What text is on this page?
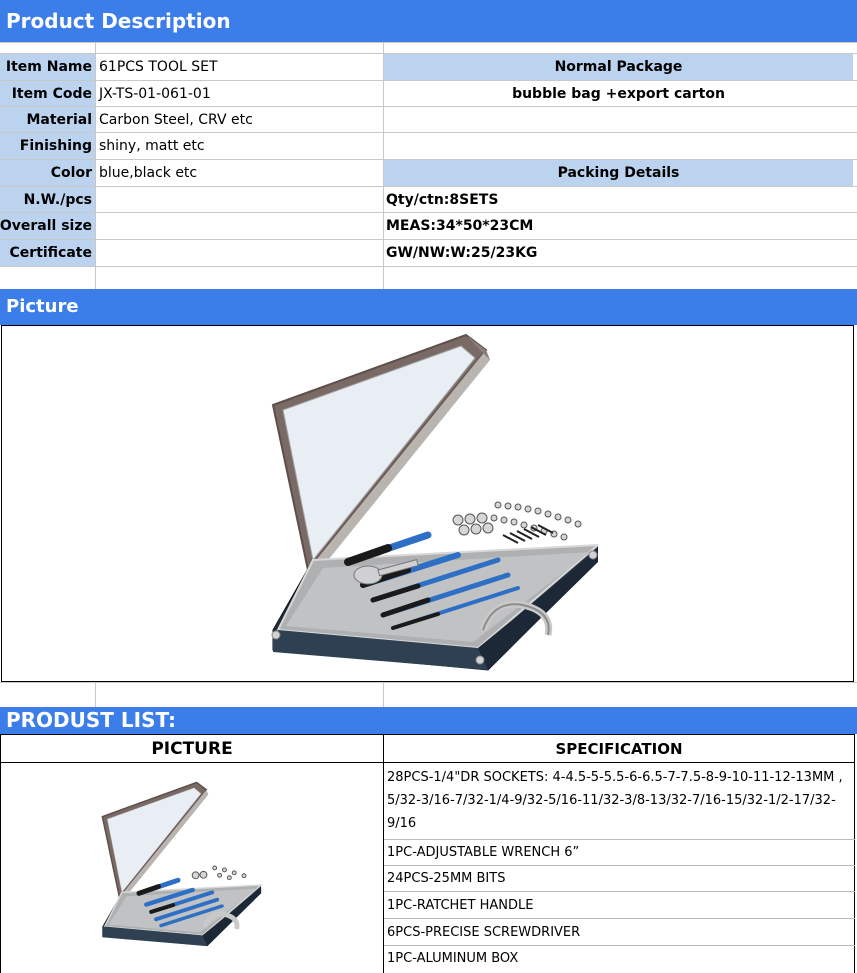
Product Description
Item Name 61PCS TOOL SET
Item Code JX-TS-01-061-01
Material Carbon Steel, CRV etc
Finishing shiny, matt etc
Color blue,black etc
N.W./pcs
Overall size
Certificate
Normal Package
bubble bag +export carton
Packing Details
Qty/ctn:8SETS
MEAS:34*50*23CM
GW/NW:W:25/23KG
Picture
PRODUST LIST:
PICTURE	SPECIFICATION
28PCS-1/4"DR SOCKETS: 4-4.5-5-5.5-6-6.5-7-7.5-8-9-10-11-12-13MM , 5/32-3/16-7/32-1/4-9/32-5/16-11/32-3/8-13/32-7/16-15/32-1/2-17/32-9/16
1PC-ADJUSTABLE WRENCH 6”
24PCS-25MM BITS
1PC-RATCHET HANDLE
6PCS-PRECISE SCREWDRIVER
1PC-ALUMINUM BOX
